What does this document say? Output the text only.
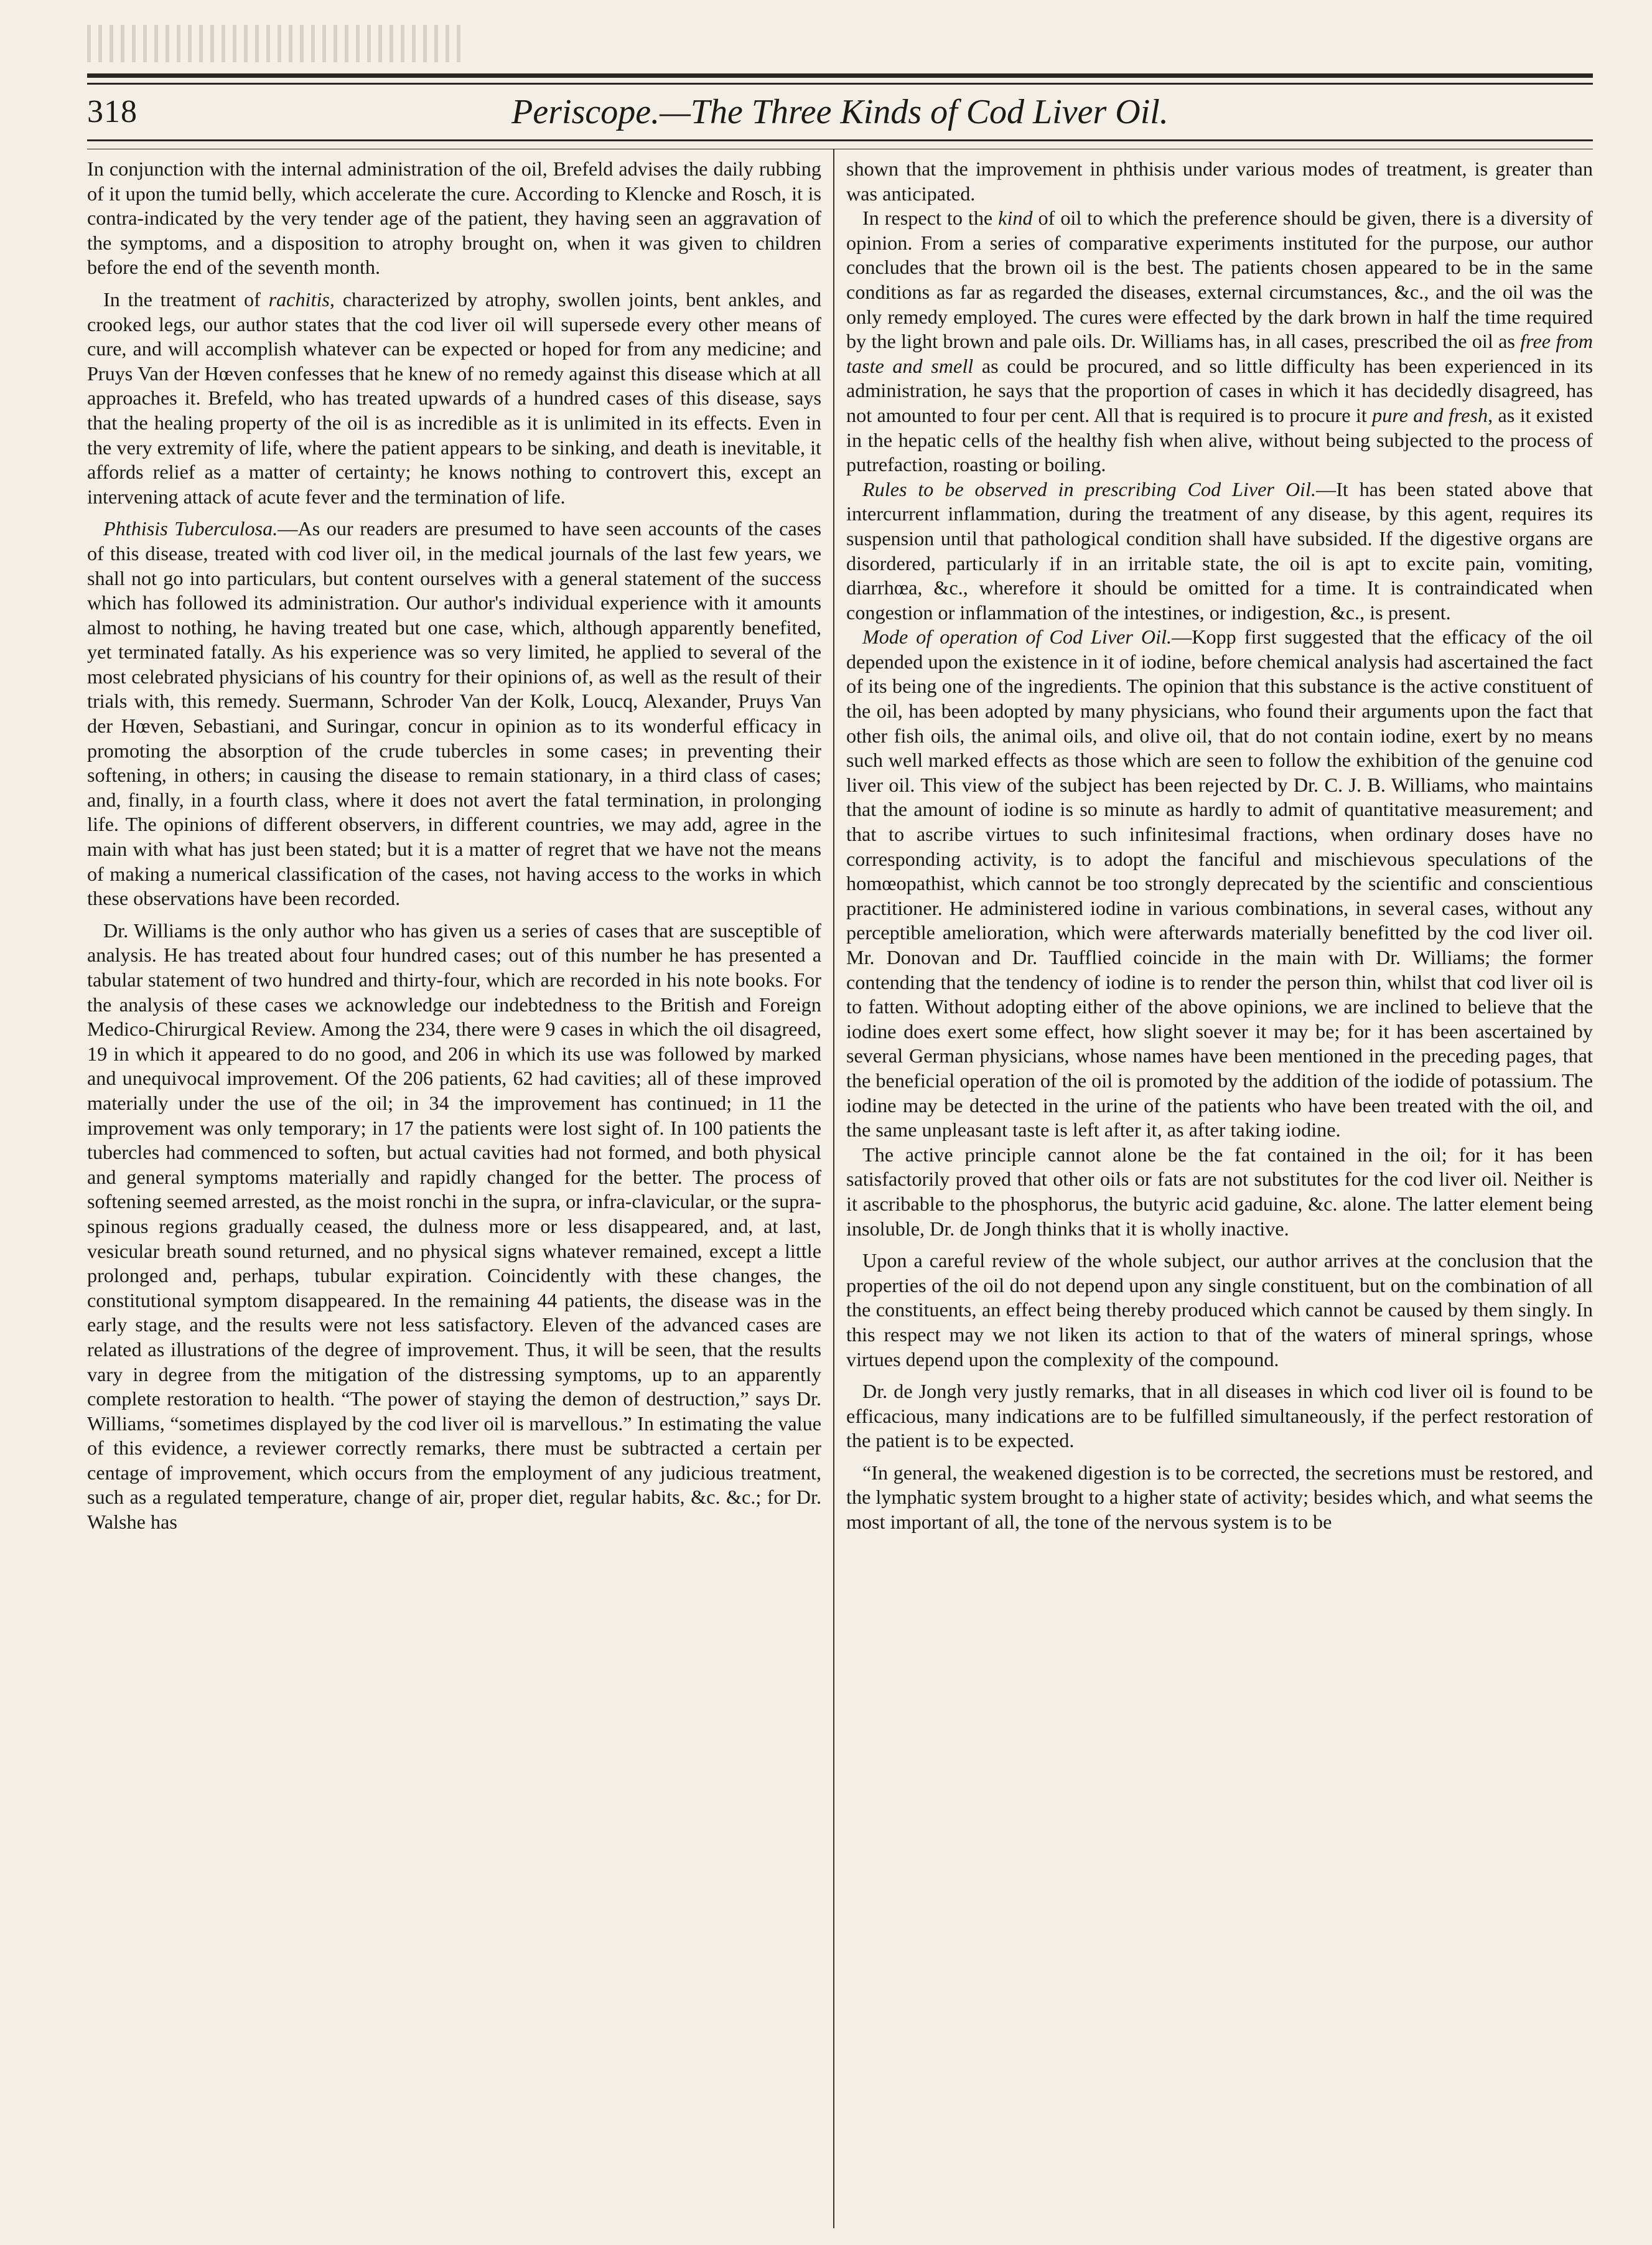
318	Periscope.—The Three Kinds of Cod Liver Oil.

In conjunction with the internal administration of the oil, Brefeld advises the daily rubbing of it upon the tumid belly, which accelerate the cure. According to Klencke and Rosch, it is contra-indicated by the very tender age of the patient, they having seen an aggravation of the symptoms, and a disposition to atrophy brought on, when it was given to children before the end of the seventh month.

In the treatment of rachitis, characterized by atrophy, swollen joints, bent ankles, and crooked legs, our author states that the cod liver oil will supersede every other means of cure, and will accomplish whatever can be expected or hoped for from any medicine; and Pruys Van der Hœven confesses that he knew of no remedy against this disease which at all approaches it. Brefeld, who has treated upwards of a hundred cases of this disease, says that the healing property of the oil is as incredible as it is unlimited in its effects. Even in the very extremity of life, where the patient appears to be sinking, and death is inevitable, it affords relief as a matter of certainty; he knows nothing to controvert this, except an intervening attack of acute fever and the termination of life.

Phthisis Tuberculosa.—As our readers are presumed to have seen accounts of the cases of this disease, treated with cod liver oil, in the medical journals of the last few years, we shall not go into particulars, but content ourselves with a general statement of the success which has followed its administration. Our author's individual experience with it amounts almost to nothing, he having treated but one case, which, although apparently benefited, yet terminated fatally. As his experience was so very limited, he applied to several of the most celebrated physicians of his country for their opinions of, as well as the result of their trials with, this remedy. Suermann, Schroder Van der Kolk, Loucq, Alexander, Pruys Van der Hœven, Sebastiani, and Suringar, concur in opinion as to its wonderful efficacy in promoting the absorption of the crude tubercles in some cases; in preventing their softening, in others; in causing the disease to remain stationary, in a third class of cases; and, finally, in a fourth class, where it does not avert the fatal termination, in prolonging life. The opinions of different observers, in different countries, we may add, agree in the main with what has just been stated; but it is a matter of regret that we have not the means of making a numerical classification of the cases, not having access to the works in which these observations have been recorded.

Dr. Williams is the only author who has given us a series of cases that are susceptible of analysis. He has treated about four hundred cases; out of this number he has presented a tabular statement of two hundred and thirty-four, which are recorded in his note books. For the analysis of these cases we acknowledge our indebtedness to the British and Foreign Medico-Chirurgical Review. Among the 234, there were 9 cases in which the oil disagreed, 19 in which it appeared to do no good, and 206 in which its use was followed by marked and unequivocal improvement. Of the 206 patients, 62 had cavities; all of these improved materially under the use of the oil; in 34 the improvement has continued; in 11 the improvement was only temporary; in 17 the patients were lost sight of. In 100 patients the tubercles had commenced to soften, but actual cavities had not formed, and both physical and general symptoms materially and rapidly changed for the better. The process of softening seemed arrested, as the moist ronchi in the supra, or infra-clavicular, or the supra-spinous regions gradually ceased, the dulness more or less disappeared, and, at last, vesicular breath sound returned, and no physical signs whatever remained, except a little prolonged and, perhaps, tubular expiration. Coincidently with these changes, the constitutional symptom disappeared. In the remaining 44 patients, the disease was in the early stage, and the results were not less satisfactory. Eleven of the advanced cases are related as illustrations of the degree of improvement. Thus, it will be seen, that the results vary in degree from the mitigation of the distressing symptoms, up to an apparently complete restoration to health. “The power of staying the demon of destruction,” says Dr. Williams, “sometimes displayed by the cod liver oil is marvellous.” In estimating the value of this evidence, a reviewer correctly remarks, there must be subtracted a certain per centage of improvement, which occurs from the employment of any judicious treatment, such as a regulated temperature, change of air, proper diet, regular habits, &c. &c.; for Dr. Walshe has

shown that the improvement in phthisis under various modes of treatment, is greater than was anticipated.

In respect to the kind of oil to which the preference should be given, there is a diversity of opinion. From a series of comparative experiments instituted for the purpose, our author concludes that the brown oil is the best. The patients chosen appeared to be in the same conditions as far as regarded the diseases, external circumstances, &c., and the oil was the only remedy employed. The cures were effected by the dark brown in half the time required by the light brown and pale oils. Dr. Williams has, in all cases, prescribed the oil as free from taste and smell as could be procured, and so little difficulty has been experienced in its administration, he says that the proportion of cases in which it has decidedly disagreed, has not amounted to four per cent. All that is required is to procure it pure and fresh, as it existed in the hepatic cells of the healthy fish when alive, without being subjected to the process of putrefaction, roasting or boiling.

Rules to be observed in prescribing Cod Liver Oil.—It has been stated above that intercurrent inflammation, during the treatment of any disease, by this agent, requires its suspension until that pathological condition shall have subsided. If the digestive organs are disordered, particularly if in an irritable state, the oil is apt to excite pain, vomiting, diarrhœa, &c., wherefore it should be omitted for a time. It is contraindicated when congestion or inflammation of the intestines, or indigestion, &c., is present.

Mode of operation of Cod Liver Oil.—Kopp first suggested that the efficacy of the oil depended upon the existence in it of iodine, before chemical analysis had ascertained the fact of its being one of the ingredients. The opinion that this substance is the active constituent of the oil, has been adopted by many physicians, who found their arguments upon the fact that other fish oils, the animal oils, and olive oil, that do not contain iodine, exert by no means such well marked effects as those which are seen to follow the exhibition of the genuine cod liver oil. This view of the subject has been rejected by Dr. C. J. B. Williams, who maintains that the amount of iodine is so minute as hardly to admit of quantitative measurement; and that to ascribe virtues to such infinitesimal fractions, when ordinary doses have no corresponding activity, is to adopt the fanciful and mischievous speculations of the homœopathist, which cannot be too strongly deprecated by the scientific and conscientious practitioner. He administered iodine in various combinations, in several cases, without any perceptible amelioration, which were afterwards materially benefitted by the cod liver oil. Mr. Donovan and Dr. Taufflied coincide in the main with Dr. Williams; the former contending that the tendency of iodine is to render the person thin, whilst that cod liver oil is to fatten. Without adopting either of the above opinions, we are inclined to believe that the iodine does exert some effect, how slight soever it may be; for it has been ascertained by several German physicians, whose names have been mentioned in the preceding pages, that the beneficial operation of the oil is promoted by the addition of the iodide of potassium. The iodine may be detected in the urine of the patients who have been treated with the oil, and the same unpleasant taste is left after it, as after taking iodine.

The active principle cannot alone be the fat contained in the oil; for it has been satisfactorily proved that other oils or fats are not substitutes for the cod liver oil. Neither is it ascribable to the phosphorus, the butyric acid gaduine, &c. alone. The latter element being insoluble, Dr. de Jongh thinks that it is wholly inactive.

Upon a careful review of the whole subject, our author arrives at the conclusion that the properties of the oil do not depend upon any single constituent, but on the combination of all the constituents, an effect being thereby produced which cannot be caused by them singly. In this respect may we not liken its action to that of the waters of mineral springs, whose virtues depend upon the complexity of the compound.

Dr. de Jongh very justly remarks, that in all diseases in which cod liver oil is found to be efficacious, many indications are to be fulfilled simultaneously, if the perfect restoration of the patient is to be expected.

“In general, the weakened digestion is to be corrected, the secretions must be restored, and the lymphatic system brought to a higher state of activity; besides which, and what seems the most important of all, the tone of the nervous system is to be
